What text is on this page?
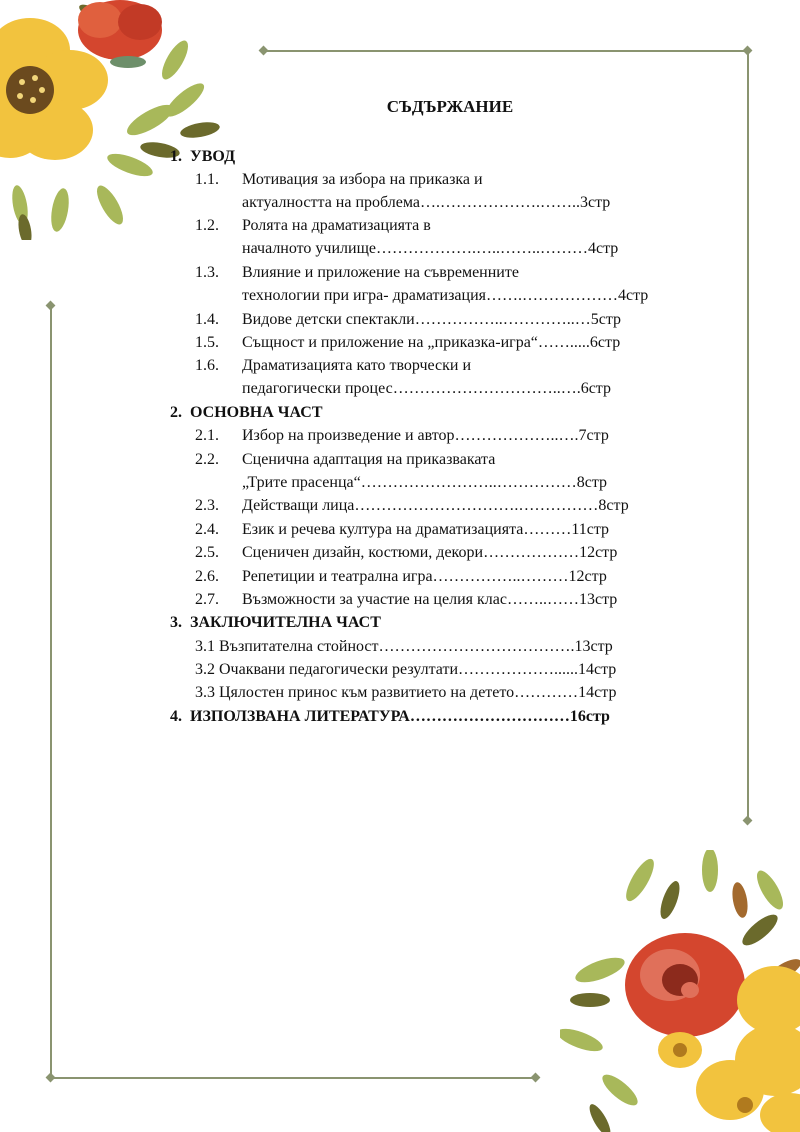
СЪДЪРЖАНИЕ
1. УВОД
1.1. Мотивация за избора на приказка и
актуалността на проблема….……………….……..3стр
1.2. Ролята на драматизацията в
началното училище……………….…..……..………4стр
1.3. Влияние и приложение на съвременните
технологии при игра- драматизация…….………………4стр
1.4. Видове детски спектакли……………..…………..…5стр
1.5. Същност и приложение на „приказка-игра“…….....6стр
1.6. Драматизацията като творчески и
педагогически процес…………………………..….6стр
2. ОСНОВНА ЧАСТ
2.1. Избор на произведение и автор………………..….7стр
2.2. Сценична адаптация на приказваката
„Трите прасенца“……………………..……………8стр
2.3. Действащи лица………………………….……………8стр
2.4. Език и речева култура на драматизацията………11стр
2.5. Сценичен дизайн, костюми, декори………………12стр
2.6. Репетиции и театрална игра……………..………12стр
2.7. Възможности за участие на целия клас……..……13стр
3. ЗАКЛЮЧИТЕЛНА ЧАСТ
3.1 Възпитателна стойност……………………………….13стр
3.2 Очаквани педагогически резултати………………......14стр
3.3 Цялостен принос към развитието на детето…………14стр
4. ИЗПОЛЗВАНА ЛИТЕРАТУРА…………………………16стр
